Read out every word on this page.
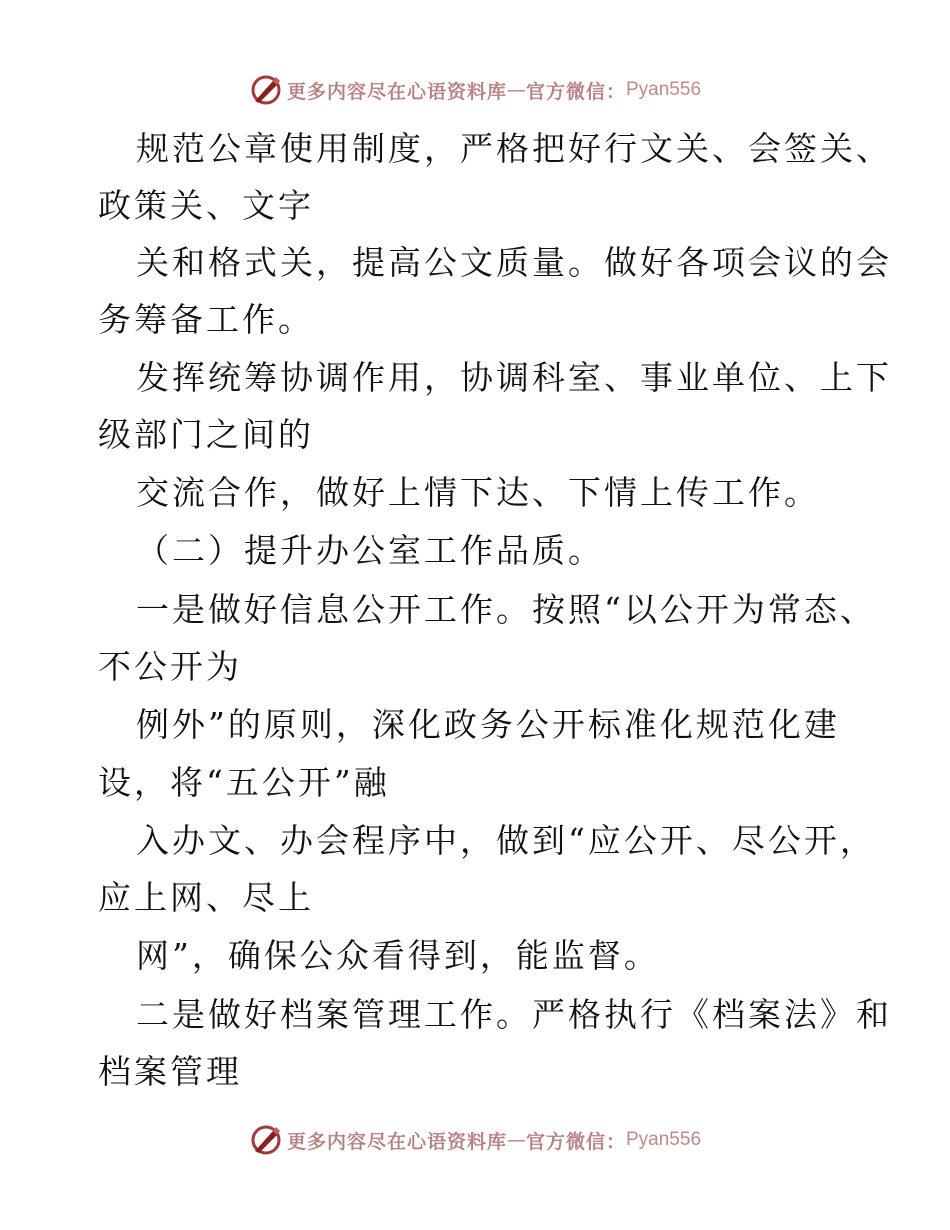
更多内容尽在心语资料库 — 官方微信： Pyan556
规范公章使用制度，严格把好行文关、会签关、
政策关、文字
关和格式关，提高公文质量。做好各项会议的会
务筹备工作。
发挥统筹协调作用，协调科室、事业单位、上下
级部门之间的
交流合作，做好上情下达、下情上传工作。
（二）提升办公室工作品质。
一是做好信息公开工作。按照“以公开为常态、
不公开为
例外”的原则，深化政务公开标准化规范化建
设，将“五公开”融
入办文、办会程序中，做到“应公开、尽公开，
应上网、尽上
网”，确保公众看得到，能监督。
二是做好档案管理工作。严格执行《档案法》和
档案管理
更多内容尽在心语资料库 — 官方微信： Pyan556
